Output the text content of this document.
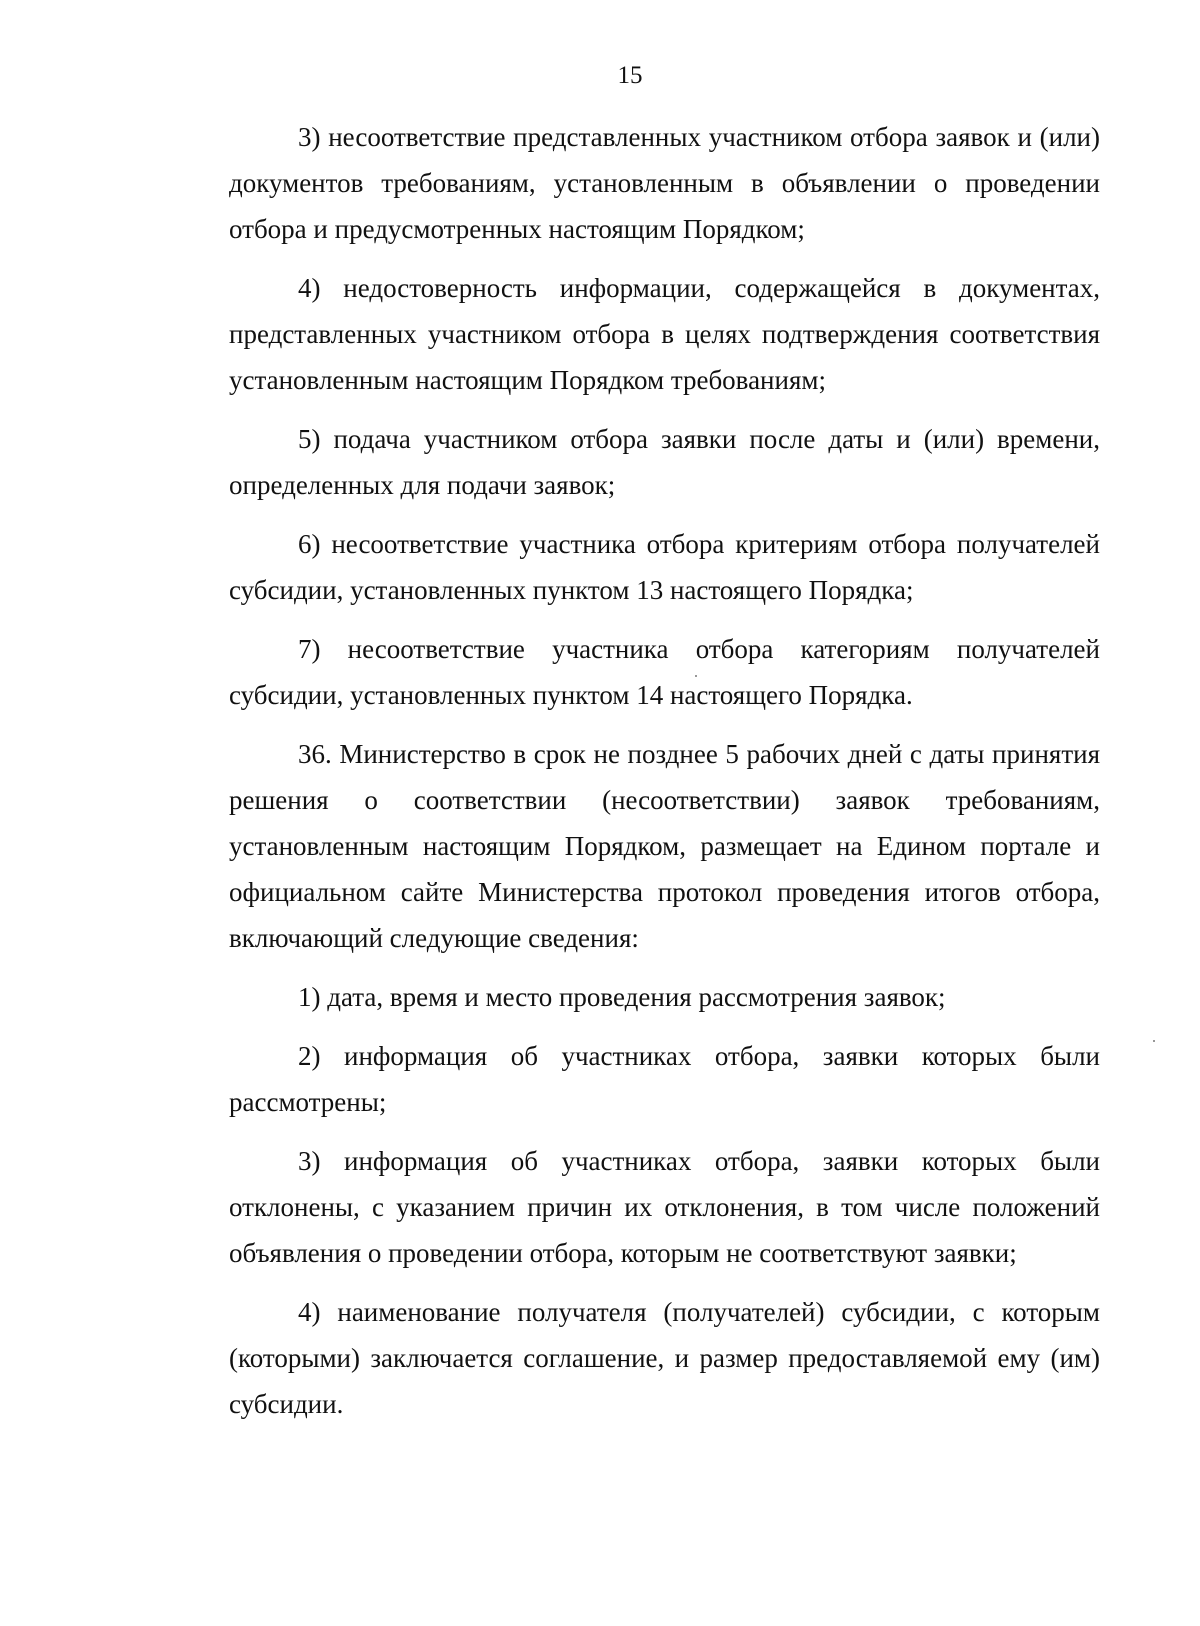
15

3) несоответствие представленных участником отбора заявок и (или) документов требованиям, установленным в объявлении о проведении отбора и предусмотренных настоящим Порядком;

4) недостоверность информации, содержащейся в документах, представленных участником отбора в целях подтверждения соответствия установленным настоящим Порядком требованиям;

5) подача участником отбора заявки после даты и (или) времени, определенных для подачи заявок;

6) несоответствие участника отбора критериям отбора получателей субсидии, установленных пунктом 13 настоящего Порядка;

7) несоответствие участника отбора категориям получателей субсидии, установленных пунктом 14 настоящего Порядка.

36. Министерство в срок не позднее 5 рабочих дней с даты принятия решения о соответствии (несоответствии) заявок требованиям, установленным настоящим Порядком, размещает на Едином портале и официальном сайте Министерства протокол проведения итогов отбора, включающий следующие сведения:

1) дата, время и место проведения рассмотрения заявок;

2) информация об участниках отбора, заявки которых были рассмотрены;

3) информация об участниках отбора, заявки которых были отклонены, с указанием причин их отклонения, в том числе положений объявления о проведении отбора, которым не соответствуют заявки;

4) наименование получателя (получателей) субсидии, с которым (которыми) заключается соглашение, и размер предоставляемой ему (им) субсидии.
